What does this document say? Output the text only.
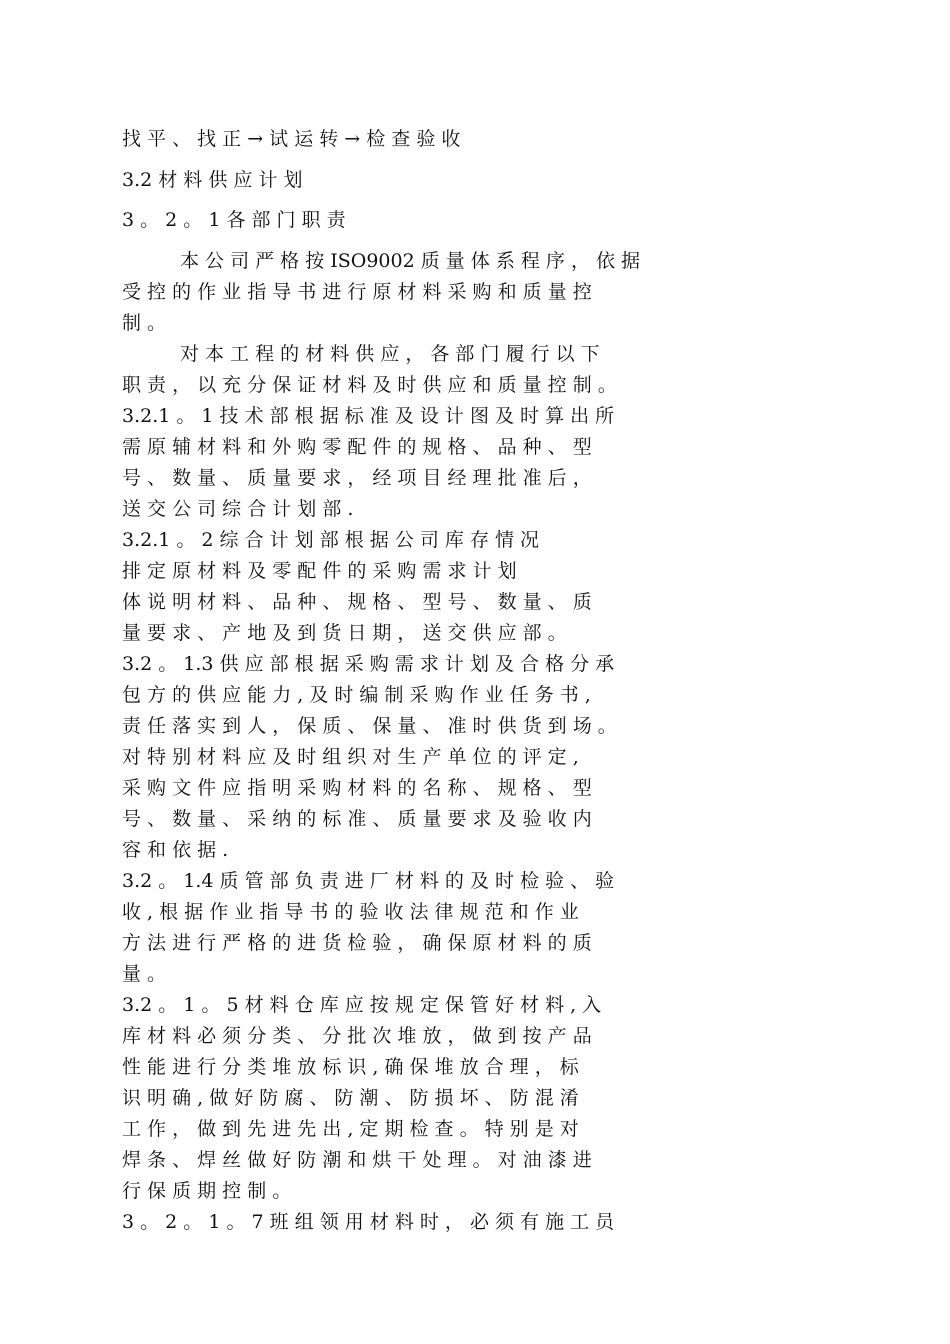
找 平 、 找 正 → 试 运 转 → 检 查 验 收
3.2 材 料 供 应 计 划
3 。 2 。 1 各 部 门 职 责
本 公 司 严 格 按 ISO9002 质 量 体 系 程 序 ， 依 据
受 控 的 作 业 指 导 书 进 行 原 材 料 采 购 和 质 量 控
制 。
对 本 工 程 的 材 料 供 应 ， 各 部 门 履 行 以 下
职 责 ， 以 充 分 保 证 材 料 及 时 供 应 和 质 量 控 制 。
3.2.1 。 1 技 术 部 根 据 标 准 及 设 计 图 及 时 算 出 所
需 原 辅 材 料 和 外 购 零 配 件 的 规 格 、 品 种 、 型
号 、 数 量 、 质 量 要 求 ， 经 项 目 经 理 批 准 后 ，
送 交 公 司 综 合 计 划 部 .
3.2.1 。 2 综 合 计 划 部 根 据 公 司 库 存 情 况
排 定 原 材 料 及 零 配 件 的 采 购 需 求 计 划
体 说 明 材 料 、 品 种 、 规 格 、 型 号 、 数 量 、 质
量 要 求 、 产 地 及 到 货 日 期 ， 送 交 供 应 部 。
3.2 。 1.3 供 应 部 根 据 采 购 需 求 计 划 及 合 格 分 承
包 方 的 供 应 能 力 , 及 时 编 制 采 购 作 业 任 务 书 ,
责 任 落 实 到 人 ， 保 质 、 保 量 、 准 时 供 货 到 场 。
对 特 别 材 料 应 及 时 组 织 对 生 产 单 位 的 评 定 ,
采 购 文 件 应 指 明 采 购 材 料 的 名 称 、 规 格 、 型
号 、 数 量 、 采 纳 的 标 准 、 质 量 要 求 及 验 收 内
容 和 依 据 .
3.2 。 1.4 质 管 部 负 责 进 厂 材 料 的 及 时 检 验 、 验
收 , 根 据 作 业 指 导 书 的 验 收 法 律 规 范 和 作 业
方 法 进 行 严 格 的 进 货 检 验 ， 确 保 原 材 料 的 质
量 。
3.2 。 1 。 5 材 料 仓 库 应 按 规 定 保 管 好 材 料 , 入
库 材 料 必 须 分 类 、 分 批 次 堆 放 ， 做 到 按 产 品
性 能 进 行 分 类 堆 放 标 识 , 确 保 堆 放 合 理 ， 标
识 明 确 , 做 好 防 腐 、 防 潮 、 防 损 坏 、 防 混 淆
工 作 ， 做 到 先 进 先 出 , 定 期 检 查 。 特 别 是 对
焊 条 、 焊 丝 做 好 防 潮 和 烘 干 处 理 。 对 油 漆 进
行 保 质 期 控 制 。
3 。 2 。 1 。 7 班 组 领 用 材 料 时 ， 必 须 有 施 工 员
